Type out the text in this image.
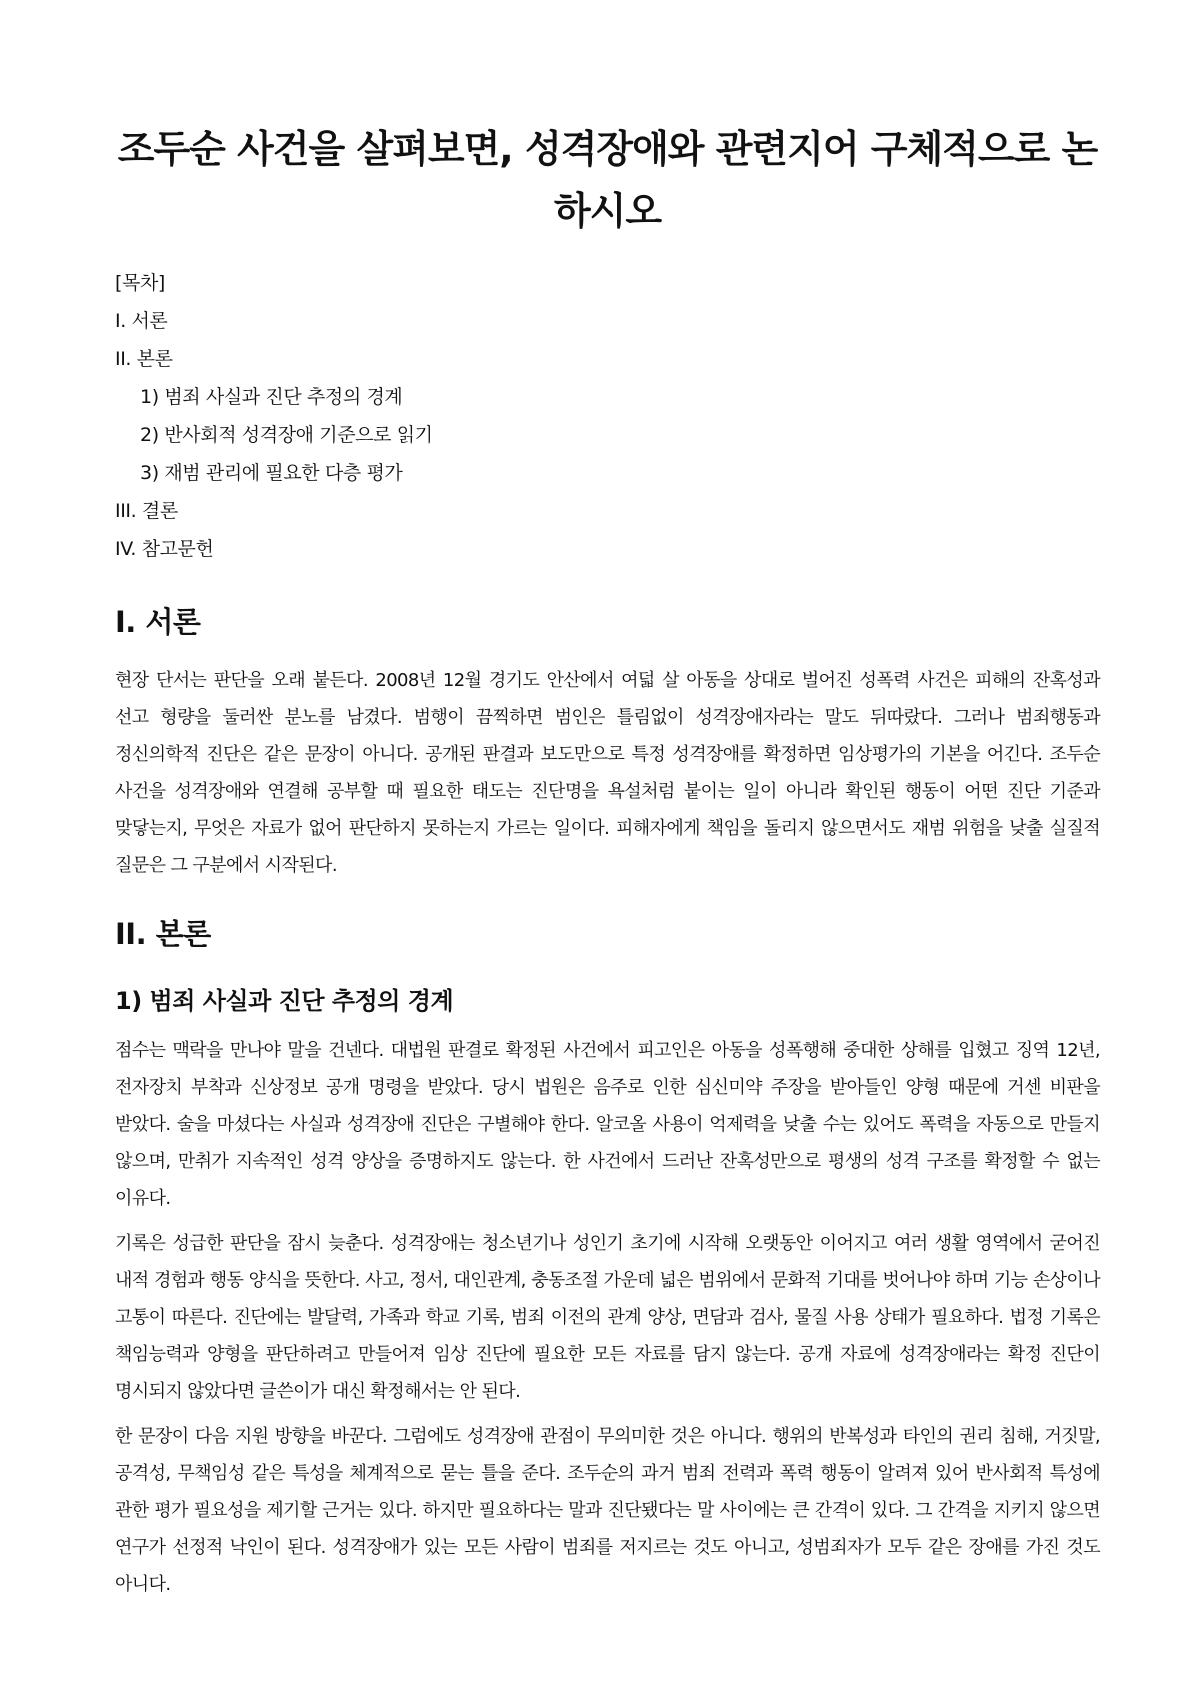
조두순 사건을 살펴보면, 성격장애와 관련지어 구체적으로 논하시오
[목차]
I. 서론
II. 본론
1) 범죄 사실과 진단 추정의 경계
2) 반사회적 성격장애 기준으로 읽기
3) 재범 관리에 필요한 다층 평가
III. 결론
IV. 참고문헌
I. 서론

현장 단서는 판단을 오래 붙든다. 2008년 12월 경기도 안산에서 여덟 살 아동을 상대로 벌어진 성폭력 사건은 피해의 잔혹성과 선고 형량을 둘러싼 분노를 남겼다. 범행이 끔찍하면 범인은 틀림없이 성격장애자라는 말도 뒤따랐다. 그러나 범죄행동과 정신의학적 진단은 같은 문장이 아니다. 공개된 판결과 보도만으로 특정 성격장애를 확정하면 임상평가의 기본을 어긴다. 조두순 사건을 성격장애와 연결해 공부할 때 필요한 태도는 진단명을 욕설처럼 붙이는 일이 아니라 확인된 행동이 어떤 진단 기준과 맞닿는지, 무엇은 자료가 없어 판단하지 못하는지 가르는 일이다. 피해자에게 책임을 돌리지 않으면서도 재범 위험을 낮출 실질적 질문은 그 구분에서 시작된다.

II. 본론
1) 범죄 사실과 진단 추정의 경계

점수는 맥락을 만나야 말을 건넨다. 대법원 판결로 확정된 사건에서 피고인은 아동을 성폭행해 중대한 상해를 입혔고 징역 12년, 전자장치 부착과 신상정보 공개 명령을 받았다. 당시 법원은 음주로 인한 심신미약 주장을 받아들인 양형 때문에 거센 비판을 받았다. 술을 마셨다는 사실과 성격장애 진단은 구별해야 한다. 알코올 사용이 억제력을 낮출 수는 있어도 폭력을 자동으로 만들지 않으며, 만취가 지속적인 성격 양상을 증명하지도 않는다. 한 사건에서 드러난 잔혹성만으로 평생의 성격 구조를 확정할 수 없는 이유다.

기록은 성급한 판단을 잠시 늦춘다. 성격장애는 청소년기나 성인기 초기에 시작해 오랫동안 이어지고 여러 생활 영역에서 굳어진 내적 경험과 행동 양식을 뜻한다. 사고, 정서, 대인관계, 충동조절 가운데 넓은 범위에서 문화적 기대를 벗어나야 하며 기능 손상이나 고통이 따른다. 진단에는 발달력, 가족과 학교 기록, 범죄 이전의 관계 양상, 면담과 검사, 물질 사용 상태가 필요하다. 법정 기록은 책임능력과 양형을 판단하려고 만들어져 임상 진단에 필요한 모든 자료를 담지 않는다. 공개 자료에 성격장애라는 확정 진단이 명시되지 않았다면 글쓴이가 대신 확정해서는 안 된다.

한 문장이 다음 지원 방향을 바꾼다. 그럼에도 성격장애 관점이 무의미한 것은 아니다. 행위의 반복성과 타인의 권리 침해, 거짓말, 공격성, 무책임성 같은 특성을 체계적으로 묻는 틀을 준다. 조두순의 과거 범죄 전력과 폭력 행동이 알려져 있어 반사회적 특성에 관한 평가 필요성을 제기할 근거는 있다. 하지만 필요하다는 말과 진단됐다는 말 사이에는 큰 간격이 있다. 그 간격을 지키지 않으면 연구가 선정적 낙인이 된다. 성격장애가 있는 모든 사람이 범죄를 저지르는 것도 아니고, 성범죄자가 모두 같은 장애를 가진 것도 아니다.
